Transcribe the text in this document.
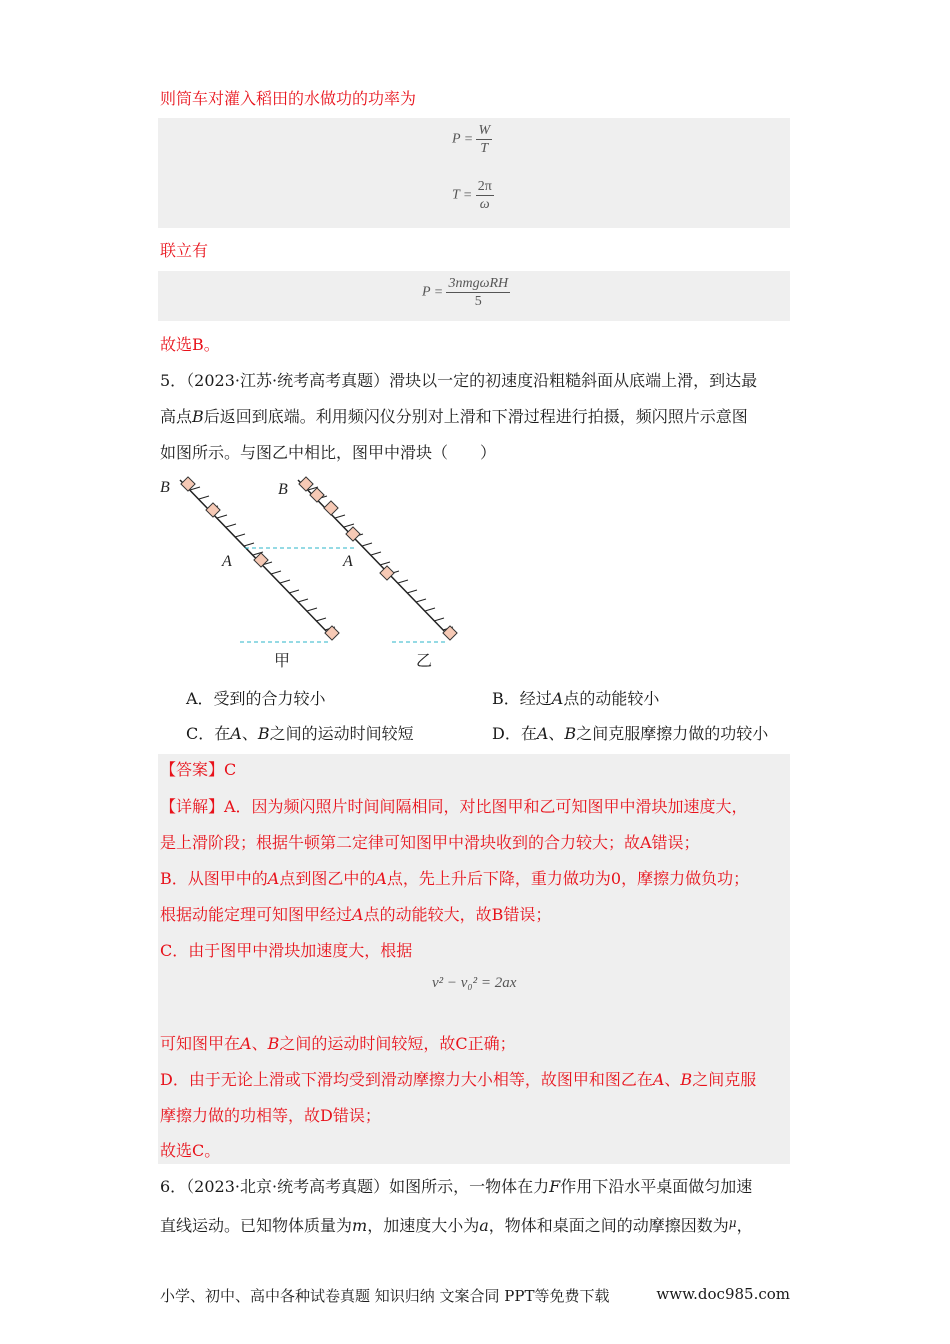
则筒车对灌入稻田的水做功的功率为
$P = \frac{W}{T}$
$T = \frac{2\pi}{\omega}$
联立有
$P = \frac{\text{3nmgωRH}}{5}$
故选B。
5．（2023·江苏·统考高考真题）滑块以一定的初速度沿粗糙斜面从底端上滑，到达最
高点B后返回到底端。利用频闪仪分别对上滑和下滑过程进行拍摄，频闪照片示意图
如图所示。与图乙中相比，图甲中滑块（　　）
B	B
A	A
甲	乙
A．受到的合力较小	B．经过A点的动能较小
C．在A、B之间的运动时间较短	D．在A、B之间克服摩擦力做的功较小
【答案】C
【详解】A．因为频闪照片时间间隔相同，对比图甲和乙可知图甲中滑块加速度大，
是上滑阶段；根据牛顿第二定律可知图甲中滑块收到的合力较大；故A错误；
B．从图甲中的A点到图乙中的A点，先上升后下降，重力做功为0，摩擦力做负功；
根据动能定理可知图甲经过A点的动能较大，故B错误；
C．由于图甲中滑块加速度大，根据
v² − v₀² = 2ax
可知图甲在A、B之间的运动时间较短，故C正确；
D．由于无论上滑或下滑均受到滑动摩擦力大小相等，故图甲和图乙在A、B之间克服
摩擦力做的功相等，故D错误；
故选C。
6．（2023·北京·统考高考真题）如图所示，一物体在力F作用下沿水平桌面做匀加速
直线运动。已知物体质量为m，加速度大小为a，物体和桌面之间的动摩擦因数为$^\mu$，
小学、初中、高中各种试卷真题 知识归纳 文案合同 PPT等免费下载	www.doc985.com
